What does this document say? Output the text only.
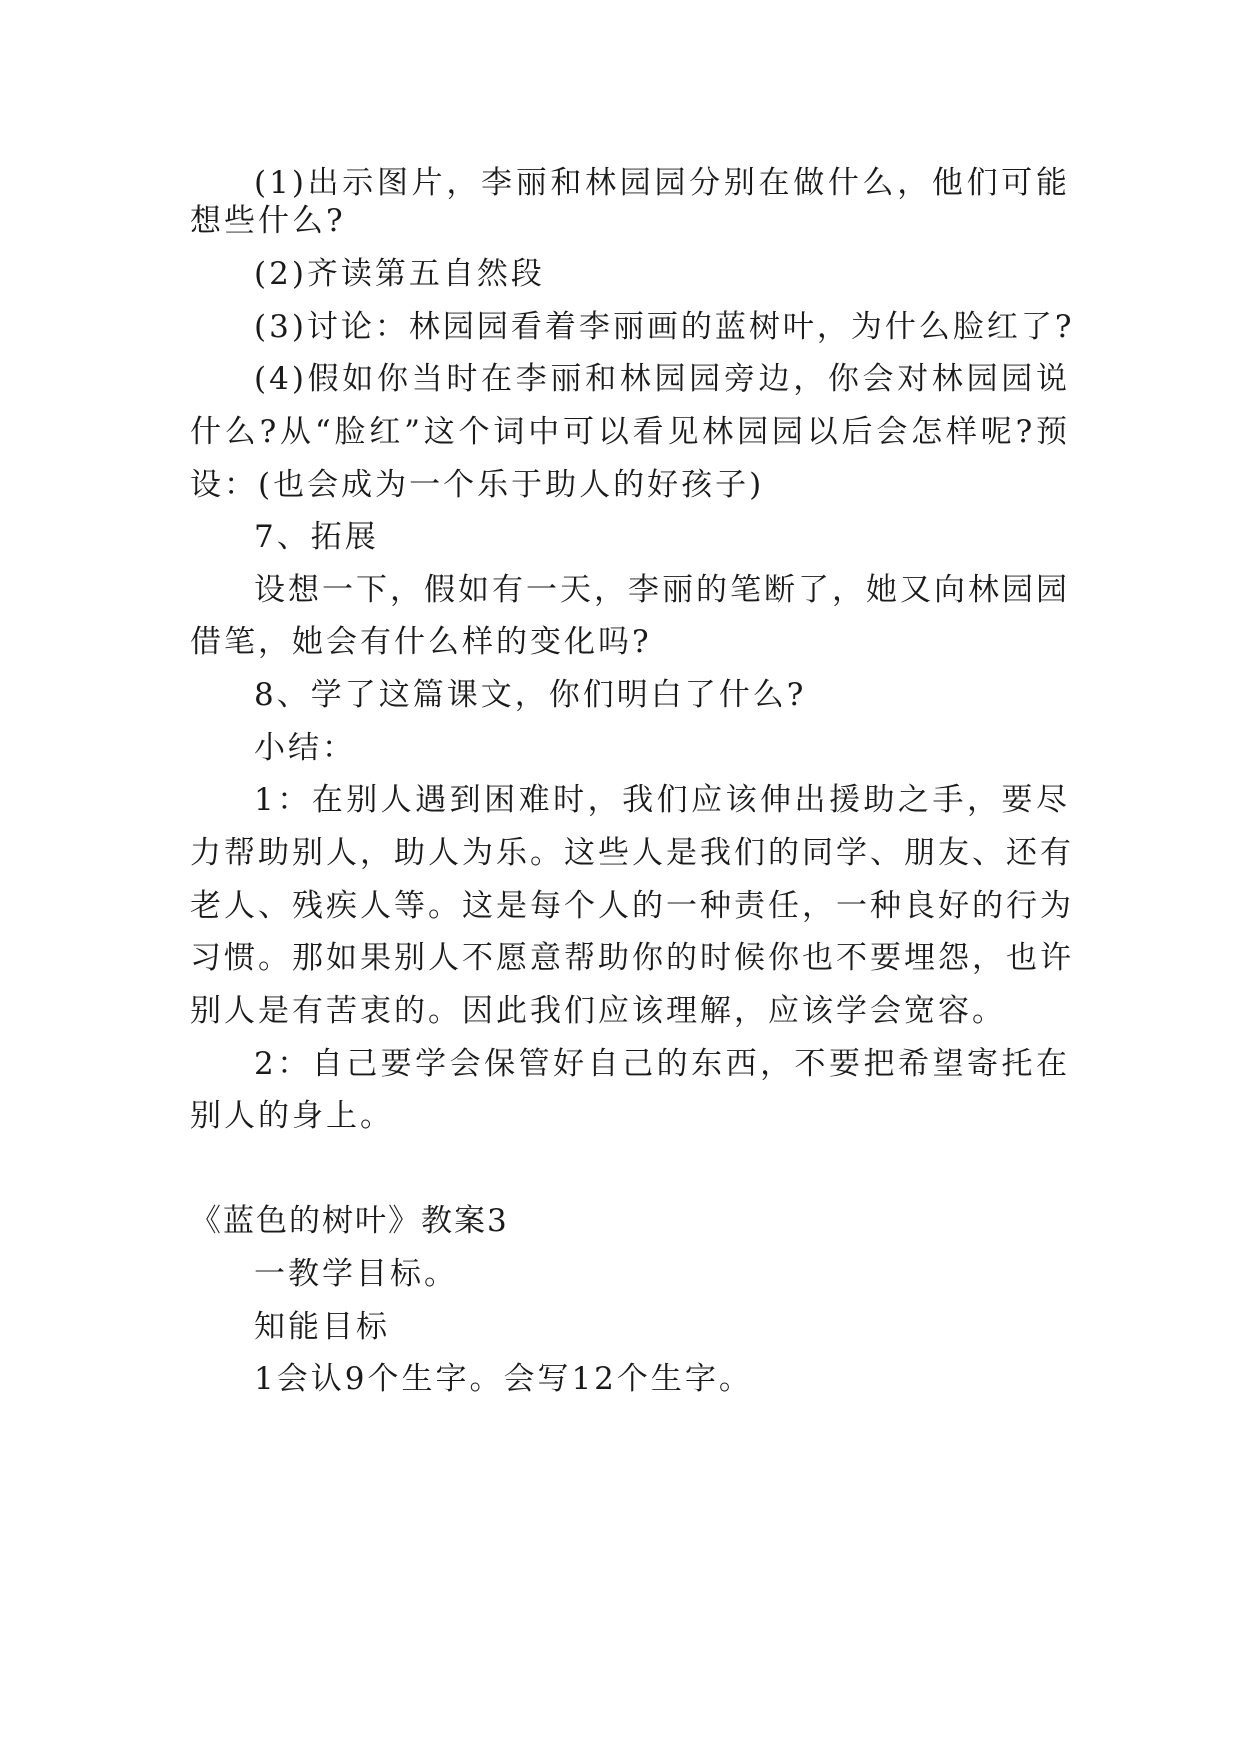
(1)出示图片，李丽和林园园分别在做什么，他们可能
想些什么?
(2)齐读第五自然段
(3)讨论：林园园看着李丽画的蓝树叶，为什么脸红了?
(4)假如你当时在李丽和林园园旁边，你会对林园园说
什么?从“脸红”这个词中可以看见林园园以后会怎样呢?预
设：(也会成为一个乐于助人的好孩子)
7、拓展
设想一下，假如有一天，李丽的笔断了，她又向林园园
借笔，她会有什么样的变化吗?
8、学了这篇课文，你们明白了什么?
小结：
1：在别人遇到困难时，我们应该伸出援助之手，要尽
力帮助别人，助人为乐。这些人是我们的同学、朋友、还有
老人、残疾人等。这是每个人的一种责任，一种良好的行为
习惯。那如果别人不愿意帮助你的时候你也不要埋怨，也许
别人是有苦衷的。因此我们应该理解，应该学会宽容。
2：自己要学会保管好自己的东西，不要把希望寄托在
别人的身上。
《蓝色的树叶》教案3
一教学目标。
知能目标
1会认9个生字。会写12个生字。
